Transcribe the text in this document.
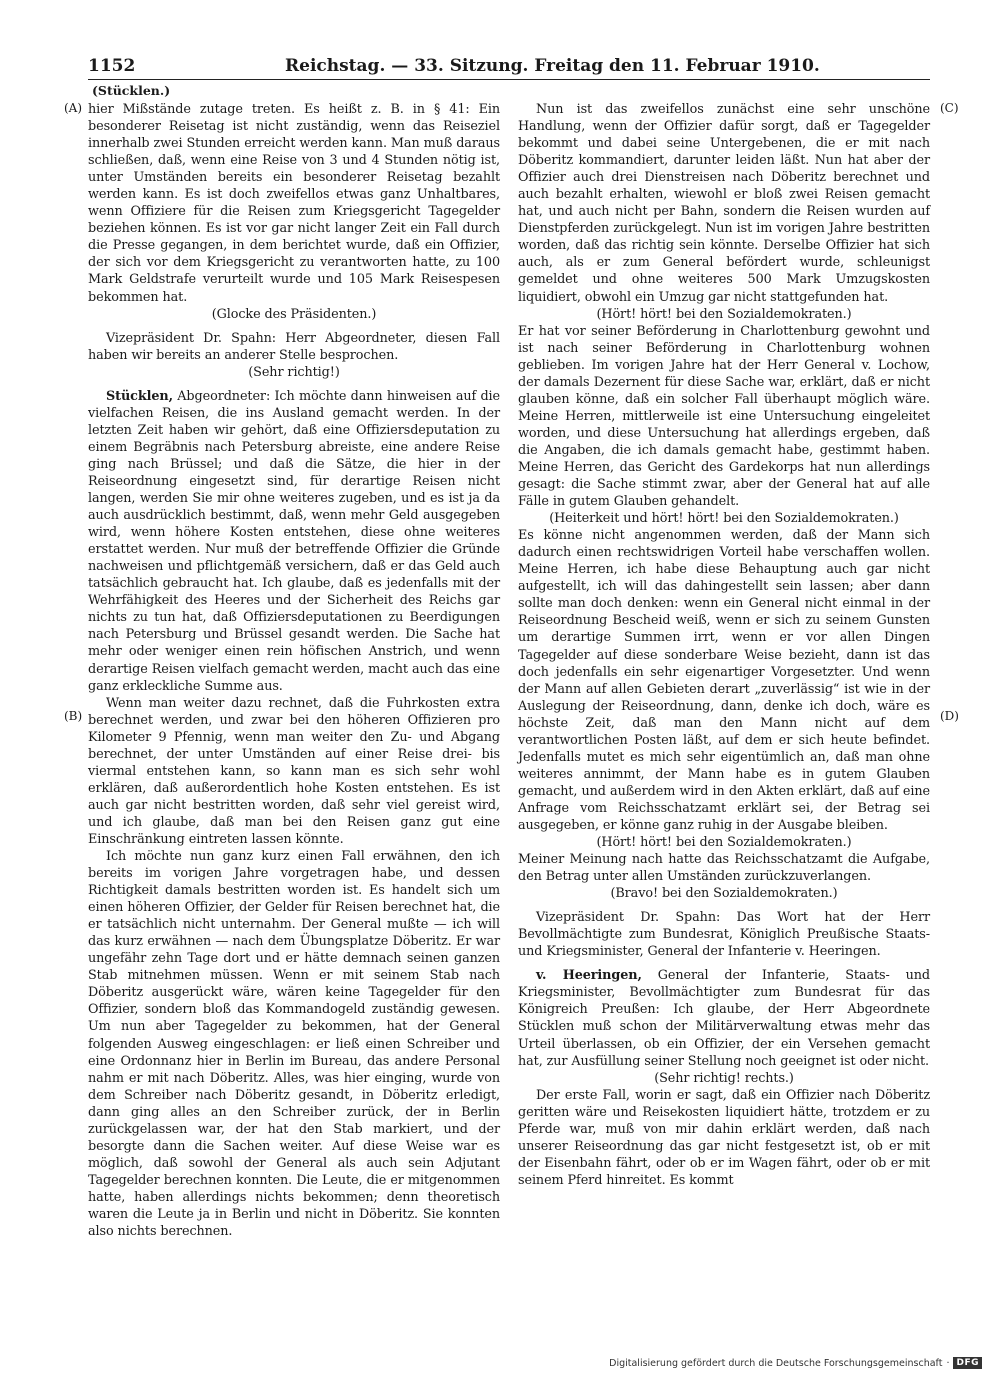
1152	Reichstag. — 33. Sitzung. Freitag den 11. Februar 1910.
(Stücklen.)
(A)
(B)
(C)
(D)

hier Mißstände zutage treten. Es heißt z. B. in § 41: Ein besonderer Reisetag ist nicht zuständig, wenn das Reiseziel innerhalb zwei Stunden erreicht werden kann. Man muß daraus schließen, daß, wenn eine Reise von 3 und 4 Stunden nötig ist, unter Umständen bereits ein besonderer Reisetag bezahlt werden kann. Es ist doch zweifellos etwas ganz Unhaltbares, wenn Offiziere für die Reisen zum Kriegsgericht Tagegelder beziehen können. Es ist vor gar nicht langer Zeit ein Fall durch die Presse gegangen, in dem berichtet wurde, daß ein Offizier, der sich vor dem Kriegsgericht zu verantworten hatte, zu 100 Mark Geldstrafe verurteilt wurde und 105 Mark Reisespesen bekommen hat.

(Glocke des Präsidenten.)

Vizepräsident Dr. Spahn: Herr Abgeordneter, diesen Fall haben wir bereits an anderer Stelle besprochen.

(Sehr richtig!)

Stücklen, Abgeordneter: Ich möchte dann hinweisen auf die vielfachen Reisen, die ins Ausland gemacht werden. In der letzten Zeit haben wir gehört, daß eine Offiziersdeputation zu einem Begräbnis nach Petersburg abreiste, eine andere Reise ging nach Brüssel; und daß die Sätze, die hier in der Reiseordnung eingesetzt sind, für derartige Reisen nicht langen, werden Sie mir ohne weiteres zugeben, und es ist ja da auch ausdrücklich bestimmt, daß, wenn mehr Geld ausgegeben wird, wenn höhere Kosten entstehen, diese ohne weiteres erstattet werden. Nur muß der betreffende Offizier die Gründe nachweisen und pflichtgemäß versichern, daß er das Geld auch tatsächlich gebraucht hat. Ich glaube, daß es jedenfalls mit der Wehrfähigkeit des Heeres und der Sicherheit des Reichs gar nichts zu tun hat, daß Offiziersdeputationen zu Beerdigungen nach Petersburg und Brüssel gesandt werden. Die Sache hat mehr oder weniger einen rein höfischen Anstrich, und wenn derartige Reisen vielfach gemacht werden, macht auch das eine ganz erkleckliche Summe aus.

Wenn man weiter dazu rechnet, daß die Fuhrkosten extra berechnet werden, und zwar bei den höheren Offizieren pro Kilometer 9 Pfennig, wenn man weiter den Zu- und Abgang berechnet, der unter Umständen auf einer Reise drei- bis viermal entstehen kann, so kann man es sich sehr wohl erklären, daß außerordentlich hohe Kosten entstehen. Es ist auch gar nicht bestritten worden, daß sehr viel gereist wird, und ich glaube, daß man bei den Reisen ganz gut eine Einschränkung eintreten lassen könnte.

Ich möchte nun ganz kurz einen Fall erwähnen, den ich bereits im vorigen Jahre vorgetragen habe, und dessen Richtigkeit damals bestritten worden ist. Es handelt sich um einen höheren Offizier, der Gelder für Reisen berechnet hat, die er tatsächlich nicht unternahm. Der General mußte — ich will das kurz erwähnen — nach dem Übungsplatze Döberitz. Er war ungefähr zehn Tage dort und er hätte demnach seinen ganzen Stab mitnehmen müssen. Wenn er mit seinem Stab nach Döberitz ausgerückt wäre, wären keine Tagegelder für den Offizier, sondern bloß das Kommandogeld zuständig gewesen. Um nun aber Tagegelder zu bekommen, hat der General folgenden Ausweg eingeschlagen: er ließ einen Schreiber und eine Ordonnanz hier in Berlin im Bureau, das andere Personal nahm er mit nach Döberitz. Alles, was hier einging, wurde von dem Schreiber nach Döberitz gesandt, in Döberitz erledigt, dann ging alles an den Schreiber zurück, der in Berlin zurückgelassen war, der hat den Stab markiert, und der besorgte dann die Sachen weiter. Auf diese Weise war es möglich, daß sowohl der General als auch sein Adjutant Tagegelder berechnen konnten. Die Leute, die er mitgenommen hatte, haben allerdings nichts bekommen; denn theoretisch waren die Leute ja in Berlin und nicht in Döberitz. Sie konnten also nichts berechnen.

Nun ist das zweifellos zunächst eine sehr unschöne Handlung, wenn der Offizier dafür sorgt, daß er Tagegelder bekommt und dabei seine Untergebenen, die er mit nach Döberitz kommandiert, darunter leiden läßt. Nun hat aber der Offizier auch drei Dienstreisen nach Döberitz berechnet und auch bezahlt erhalten, wiewohl er bloß zwei Reisen gemacht hat, und auch nicht per Bahn, sondern die Reisen wurden auf Dienstpferden zurückgelegt. Nun ist im vorigen Jahre bestritten worden, daß das richtig sein könnte. Derselbe Offizier hat sich auch, als er zum General befördert wurde, schleunigst gemeldet und ohne weiteres 500 Mark Umzugskosten liquidiert, obwohl ein Umzug gar nicht stattgefunden hat.

(Hört! hört! bei den Sozialdemokraten.)

Er hat vor seiner Beförderung in Charlottenburg gewohnt und ist nach seiner Beförderung in Charlottenburg wohnen geblieben. Im vorigen Jahre hat der Herr General v. Lochow, der damals Dezernent für diese Sache war, erklärt, daß er nicht glauben könne, daß ein solcher Fall überhaupt möglich wäre. Meine Herren, mittlerweile ist eine Untersuchung eingeleitet worden, und diese Untersuchung hat allerdings ergeben, daß die Angaben, die ich damals gemacht habe, gestimmt haben. Meine Herren, das Gericht des Gardekorps hat nun allerdings gesagt: die Sache stimmt zwar, aber der General hat auf alle Fälle in gutem Glauben gehandelt.

(Heiterkeit und hört! hört! bei den Sozialdemokraten.)

Es könne nicht angenommen werden, daß der Mann sich dadurch einen rechtswidrigen Vorteil habe verschaffen wollen. Meine Herren, ich habe diese Behauptung auch gar nicht aufgestellt, ich will das dahingestellt sein lassen; aber dann sollte man doch denken: wenn ein General nicht einmal in der Reiseordnung Bescheid weiß, wenn er sich zu seinem Gunsten um derartige Summen irrt, wenn er vor allen Dingen Tagegelder auf diese sonderbare Weise bezieht, dann ist das doch jedenfalls ein sehr eigenartiger Vorgesetzter. Und wenn der Mann auf allen Gebieten derart „zuverlässig“ ist wie in der Auslegung der Reiseordnung, dann, denke ich doch, wäre es höchste Zeit, daß man den Mann nicht auf dem verantwortlichen Posten läßt, auf dem er sich heute befindet. Jedenfalls mutet es mich sehr eigentümlich an, daß man ohne weiteres annimmt, der Mann habe es in gutem Glauben gemacht, und außerdem wird in den Akten erklärt, daß auf eine Anfrage vom Reichsschatzamt erklärt sei, der Betrag sei ausgegeben, er könne ganz ruhig in der Ausgabe bleiben.

(Hört! hört! bei den Sozialdemokraten.)

Meiner Meinung nach hatte das Reichsschatzamt die Aufgabe, den Betrag unter allen Umständen zurückzuverlangen.

(Bravo! bei den Sozialdemokraten.)

Vizepräsident Dr. Spahn: Das Wort hat der Herr Bevollmächtigte zum Bundesrat, Königlich Preußische Staats- und Kriegsminister, General der Infanterie v. Heeringen.

v. Heeringen, General der Infanterie, Staats- und Kriegsminister, Bevollmächtigter zum Bundesrat für das Königreich Preußen: Ich glaube, der Herr Abgeordnete Stücklen muß schon der Militärverwaltung etwas mehr das Urteil überlassen, ob ein Offizier, der ein Versehen gemacht hat, zur Ausfüllung seiner Stellung noch geeignet ist oder nicht.

(Sehr richtig! rechts.)

Der erste Fall, worin er sagt, daß ein Offizier nach Döberitz geritten wäre und Reisekosten liquidiert hätte, trotzdem er zu Pferde war, muß von mir dahin erklärt werden, daß nach unserer Reiseordnung das gar nicht festgesetzt ist, ob er mit der Eisenbahn fährt, oder ob er im Wagen fährt, oder ob er mit seinem Pferd hinreitet. Es kommt

Digitalisierung gefördert durch die Deutsche Forschungsgemeinschaft · DFG
